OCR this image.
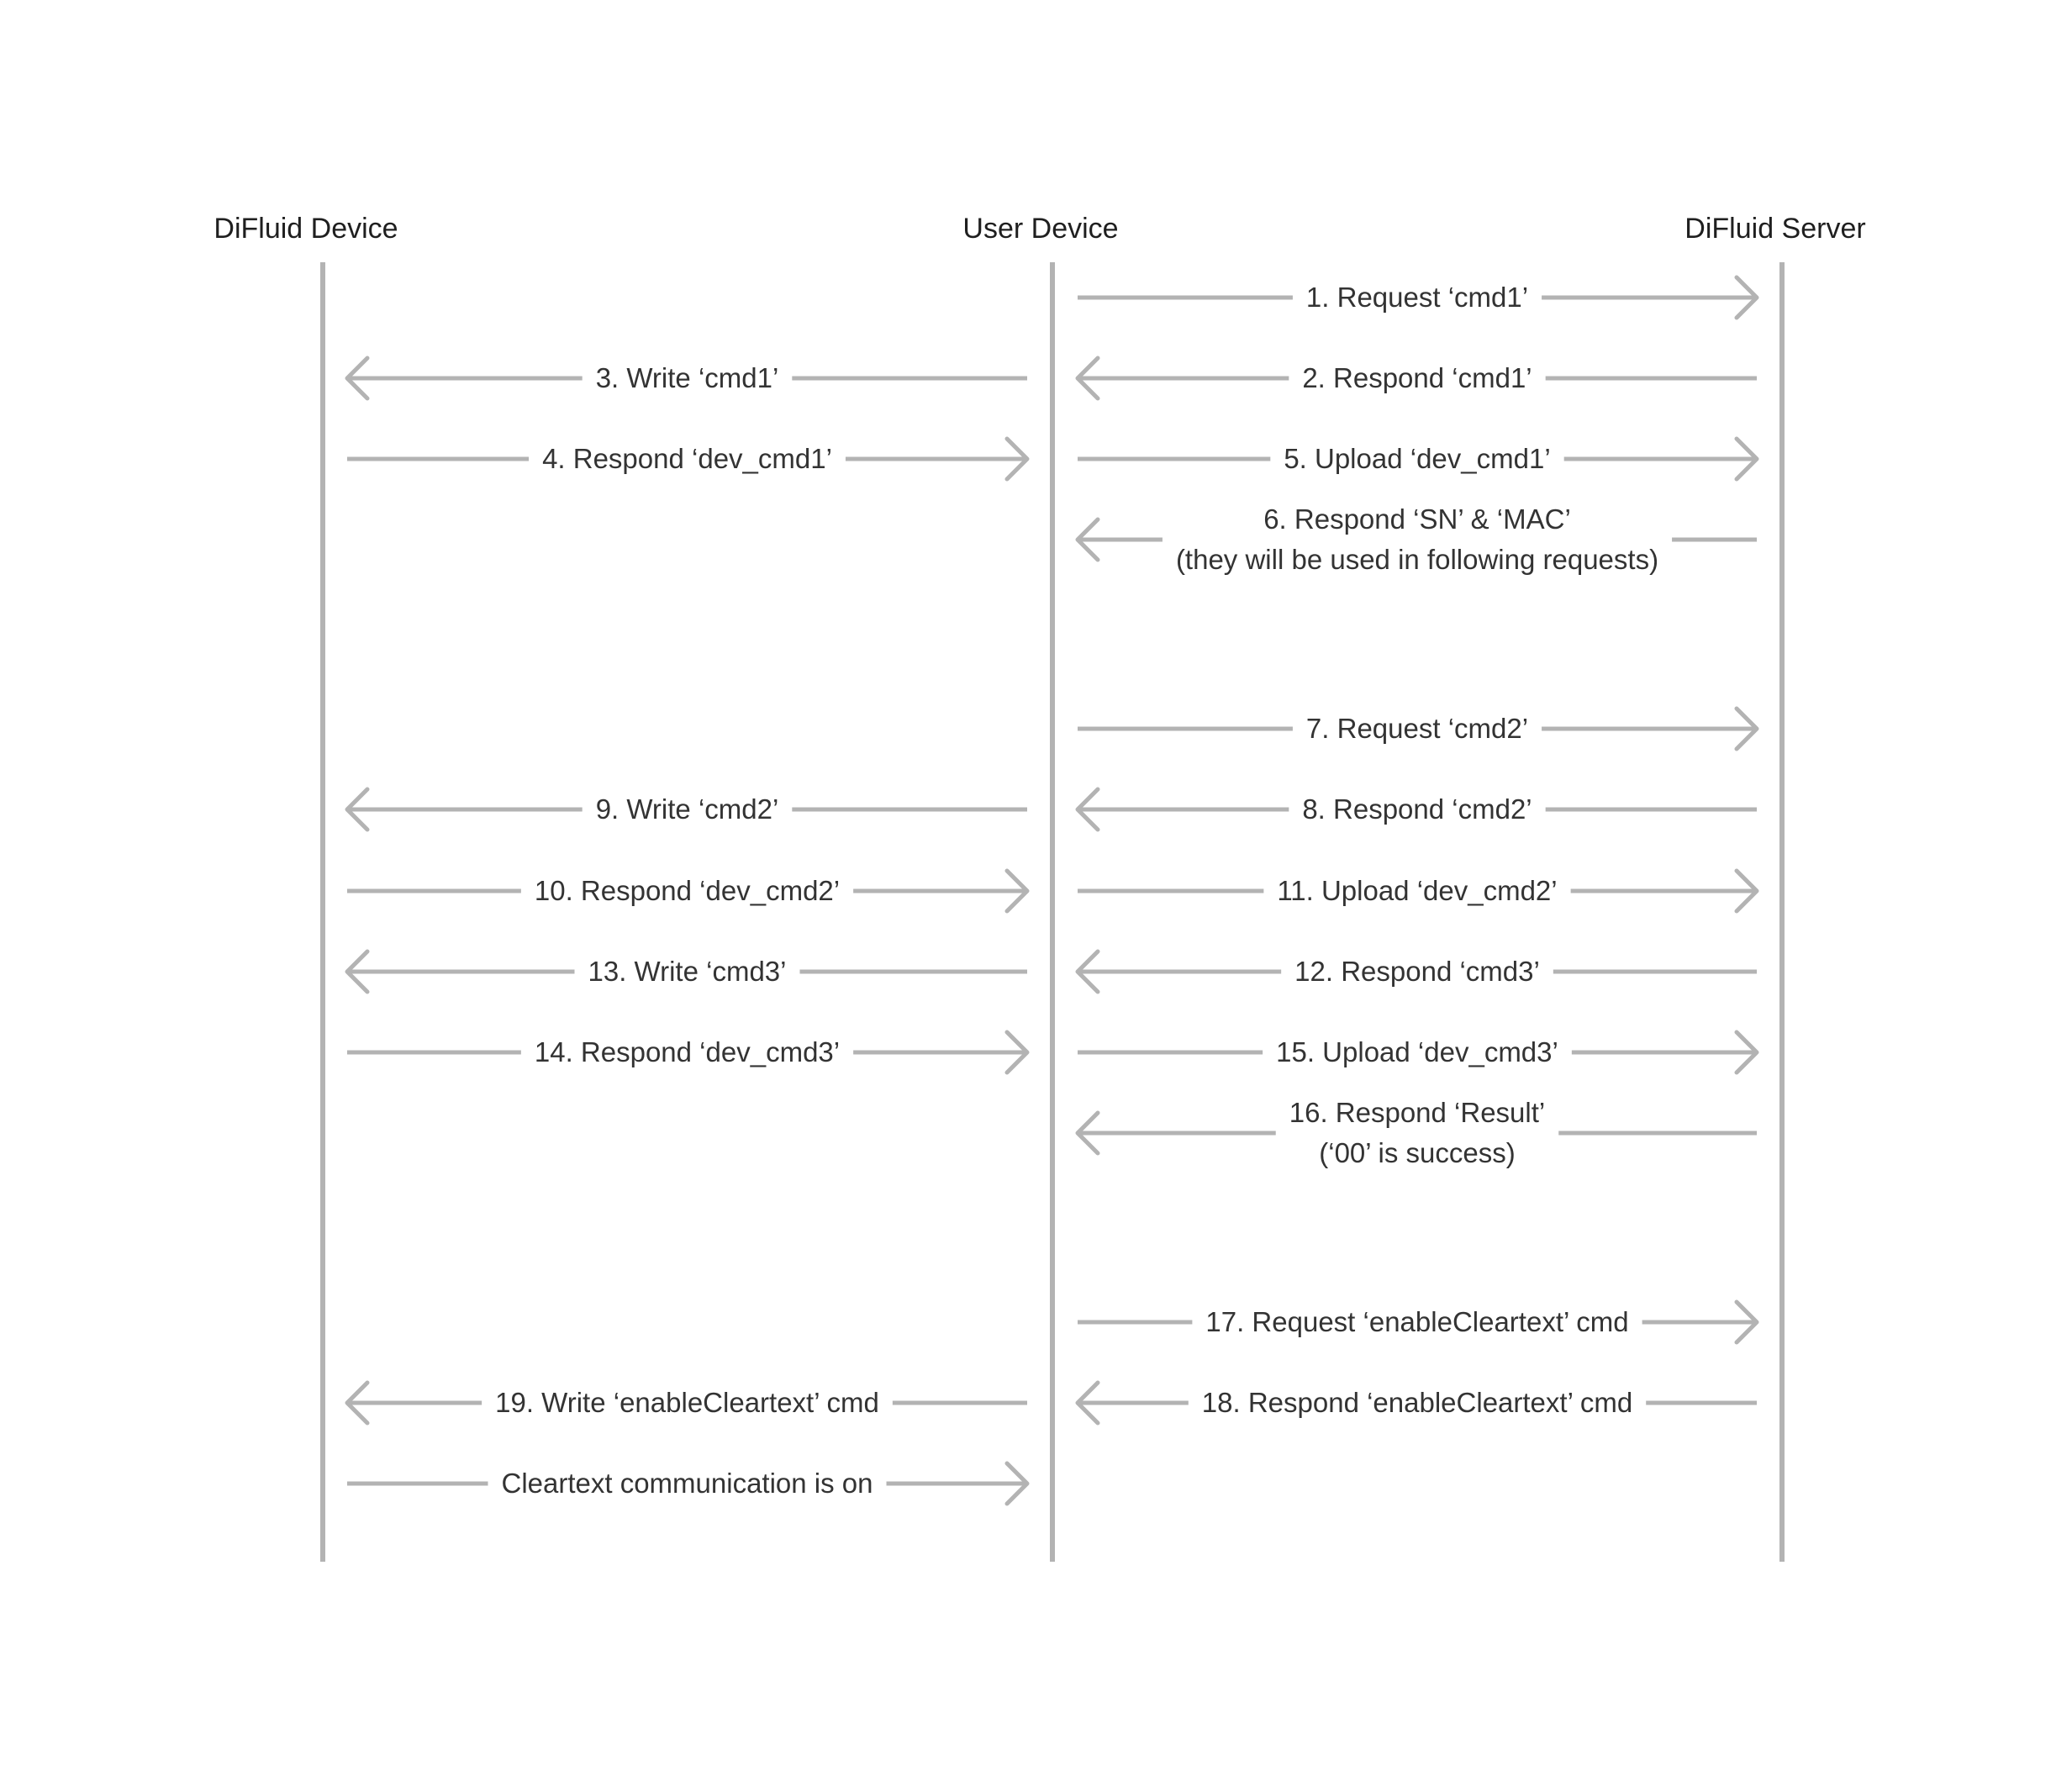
DiFluid Device	User Device	DiFluid Server
1. Request ‘cmd1’
2. Respond ‘cmd1’
3. Write ‘cmd1’
4. Respond ‘dev_cmd1’	5. Upload ‘dev_cmd1’
6. Respond ‘SN’ & ‘MAC’
(they will be used in following requests)
7. Request ‘cmd2’
8. Respond ‘cmd2’
9. Write ‘cmd2’
10. Respond ‘dev_cmd2’	11. Upload ‘dev_cmd2’
12. Respond ‘cmd3’
13. Write ‘cmd3’
14. Respond ‘dev_cmd3’	15. Upload ‘dev_cmd3’
16. Respond ‘Result’
(‘00’ is success)
17. Request ‘enableCleartext’ cmd
18. Respond ‘enableCleartext’ cmd
19. Write ‘enableCleartext’ cmd
Cleartext communication is on
